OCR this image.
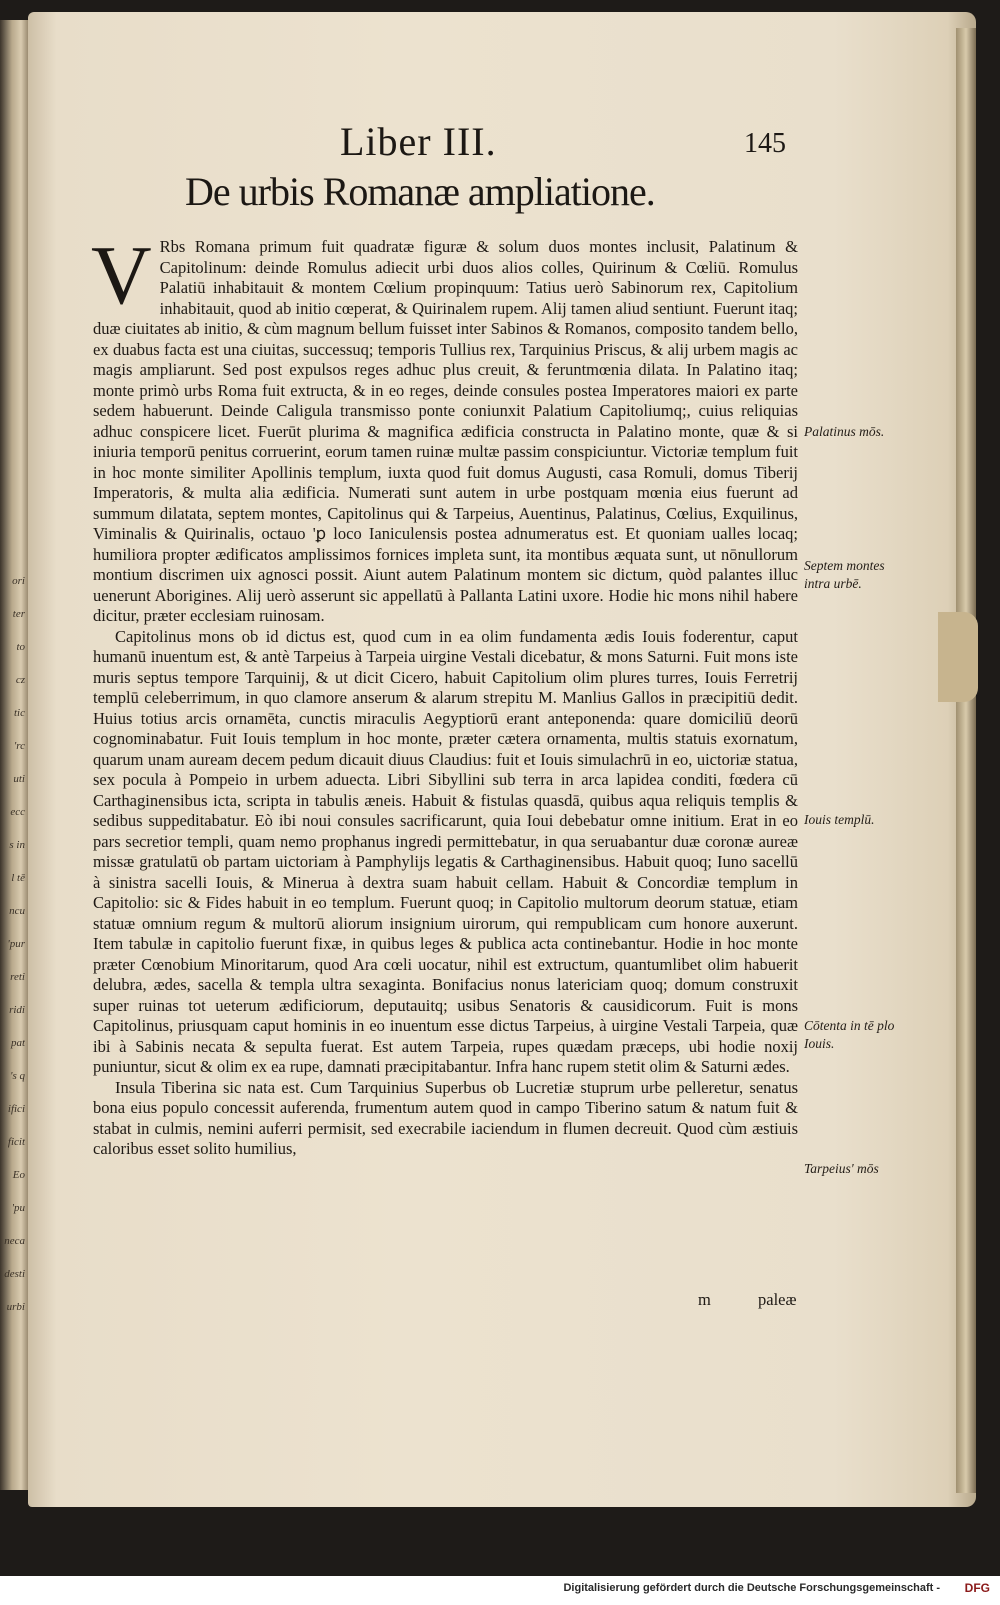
ori
ter
to
cz
tic
'rc
uti
ecc
s in
l tē
ncu
'pur
reti
ridi
pat
's q
ifici
ficit
Eo
'pu
neca
desti
urbi
Liber III.	145
De urbis Romanæ ampliatione.

V Rbs Romana primum fuit quadratæ figuræ & solum duos montes inclusit, Palatinum & Capitolinum: deinde Romulus adiecit urbi duos alios colles, Quirinum & Cœliū. Romulus Palatiū inhabitauit & montem Cœlium propinquum: Tatius uerò Sabinorum rex, Capitolium inhabitauit, quod ab initio cœperat, & Quirinalem rupem. Alij tamen aliud sentiunt. Fuerunt itaq; duæ ciuitates ab initio, & cùm magnum bellum fuisset inter Sabinos & Romanos, composito tandem bello, ex duabus facta est una ciuitas, successuq; temporis Tullius rex, Tarquinius Priscus, & alij urbem magis ac magis ampliarunt. Sed post expulsos reges adhuc plus creuit, & feruntmœnia dilata. In Palatino itaq; monte primò urbs Roma fuit extructa, & in eo reges, deinde consules postea Imperatores maiori ex parte sedem habuerunt. Deinde Caligula transmisso ponte coniunxit Palatium Capitoliumq;, cuius reliquias adhuc conspicere licet. Fuerūt plurima & magnifica ædificia constructa in Palatino monte, quæ & si iniuria temporū penitus corruerint, eorum tamen ruinæ multæ passim conspiciuntur. Victoriæ templum fuit in hoc monte similiter Apollinis templum, iuxta quod fuit domus Augusti, casa Romuli, domus Tiberij Imperatoris, & multa alia ædificia. Numerati sunt autem in urbe postquam mœnia eius fuerunt ad summum dilatata, septem montes, Capitolinus qui & Tarpeius, Auentinus, Palatinus, Cœlius, Exquilinus, Viminalis & Quirinalis, octauo 'ꝑ loco Ianiculensis postea adnumeratus est. Et quoniam ualles locaq; humiliora propter ædificatos amplissimos fornices impleta sunt, ita montibus æquata sunt, ut nōnullorum montium discrimen uix agnosci possit. Aiunt autem Palatinum montem sic dictum, quòd palantes illuc uenerunt Aborigines. Alij uerò asserunt sic appellatū à Pallanta Latini uxore. Hodie hic mons nihil habere dicitur, præter ecclesiam ruinosam.

Capitolinus mons ob id dictus est, quod cum in ea olim fundamenta ædis Iouis foderentur, caput humanū inuentum est, & antè Tarpeius à Tarpeia uirgine Vestali dicebatur, & mons Saturni. Fuit mons iste muris septus tempore Tarquinij, & ut dicit Cicero, habuit Capitolium olim plures turres, Iouis Ferretrij templū celeberrimum, in quo clamore anserum & alarum strepitu M. Manlius Gallos in præcipitiū dedit. Huius totius arcis ornamēta, cunctis miraculis Aegyptiorū erant anteponenda: quare domiciliū deorū cognominabatur. Fuit Iouis templum in hoc monte, præter cætera ornamenta, multis statuis exornatum, quarum unam auream decem pedum dicauit diuus Claudius: fuit et Iouis simulachrū in eo, uictoriæ statua, sex pocula à Pompeio in urbem aduecta. Libri Sibyllini sub terra in arca lapidea conditi, fœdera cū Carthaginensibus icta, scripta in tabulis æneis. Habuit & fistulas quasdā, quibus aqua reliquis templis & sedibus suppeditabatur. Eò ibi noui consules sacrificarunt, quia Ioui debebatur omne initium. Erat in eo pars secretior templi, quam nemo prophanus ingredi permittebatur, in qua seruabantur duæ coronæ aureæ missæ gratulatū ob partam uictoriam à Pamphylijs legatis & Carthaginensibus. Habuit quoq; Iuno sacellū à sinistra sacelli Iouis, & Minerua à dextra suam habuit cellam. Habuit & Concordiæ templum in Capitolio: sic & Fides habuit in eo templum. Fuerunt quoq; in Capitolio multorum deorum statuæ, etiam statuæ omnium regum & multorū aliorum insignium uirorum, qui rempublicam cum honore auxerunt. Item tabulæ in capitolio fuerunt fixæ, in quibus leges & publica acta continebantur. Hodie in hoc monte præter Cœnobium Minoritarum, quod Ara cœli uocatur, nihil est extructum, quantumlibet olim habuerit delubra, ædes, sacella & templa ultra sexaginta. Bonifacius nonus latericiam quoq; domum construxit super ruinas tot ueterum ædificiorum, deputauitq; usibus Senatoris & causidicorum. Fuit is mons Capitolinus, priusquam caput hominis in eo inuentum esse dictus Tarpeius, à uirgine Vestali Tarpeia, quæ ibi à Sabinis necata & sepulta fuerat. Est autem Tarpeia, rupes quædam præceps, ubi hodie noxij puniuntur, sicut & olim ex ea rupe, damnati præcipitabantur. Infra hanc rupem stetit olim & Saturni ædes.

Insula Tiberina sic nata est. Cum Tarquinius Superbus ob Lucretiæ stuprum urbe pelleretur, senatus bona eius populo concessit auferenda, frumentum autem quod in campo Tiberino satum & natum fuit & stabat in culmis, nemini auferri permisit, sed execrabile iaciendum in flumen decreuit. Quod cùm æstiuis caloribus esset solito humilius,

m	paleæ
Palatinus mōs.
Septem montes intra urbē.
Iouis templū.
Cōtenta in tē plo Iouis.
Tarpeius' mōs
Digitalisierung gefördert durch die Deutsche Forschungsgemeinschaft - DFG
